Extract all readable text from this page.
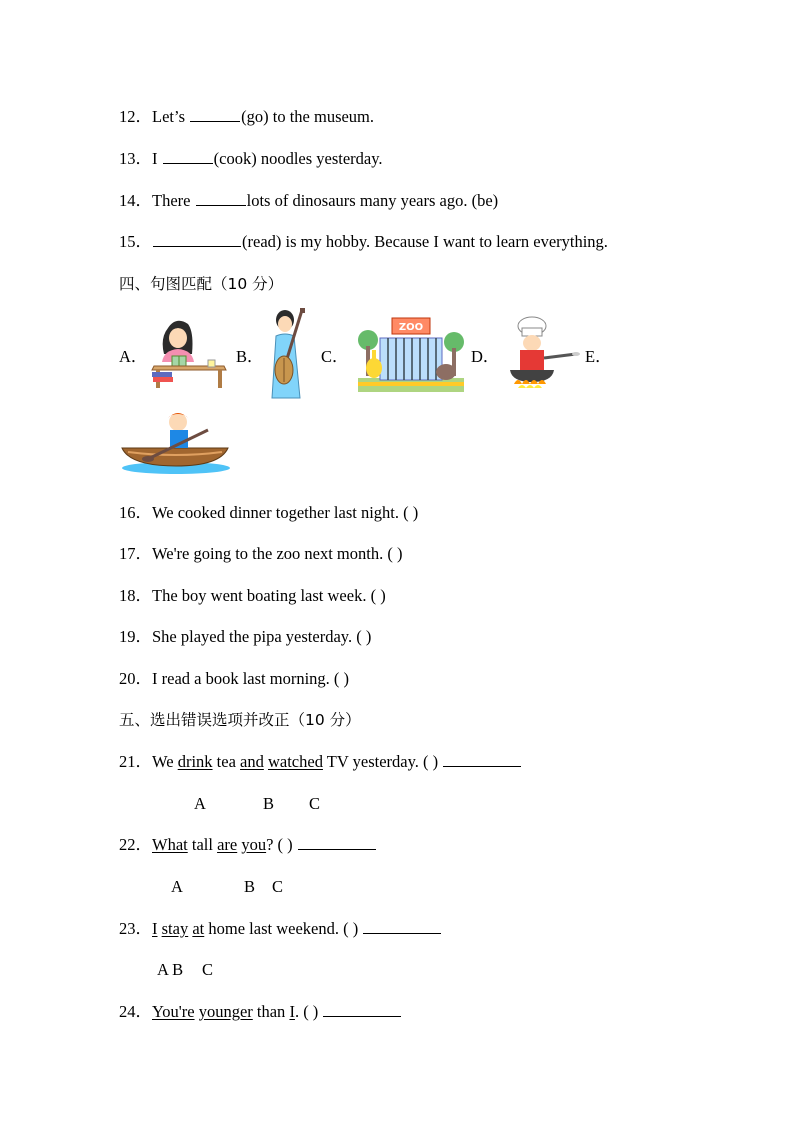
12．Let’s	(go) to the museum.
13．I	(cook) noodles yesterday.
14．There	lots of dinosaurs many years ago. (be)
15．	(read) is my hobby. Because I want to learn everything.
四、句图匹配（10 分）
A．	B．	C．	D．	E．
ZOO
16．We cooked dinner together last night. ( )
17．We're going to the zoo next month. ( )
18．The boy went boating last week. ( )
19．She played the pipa yesterday. ( )
20．I read a book last morning. ( )
五、选出错误选项并改正（10 分）
21．We drink tea and watched TV yesterday. ( )
A	B C
22．What tall are you? ( )
A	B C
23．I stay at home last weekend. ( )
A B C
24．You're younger than I. ( )
